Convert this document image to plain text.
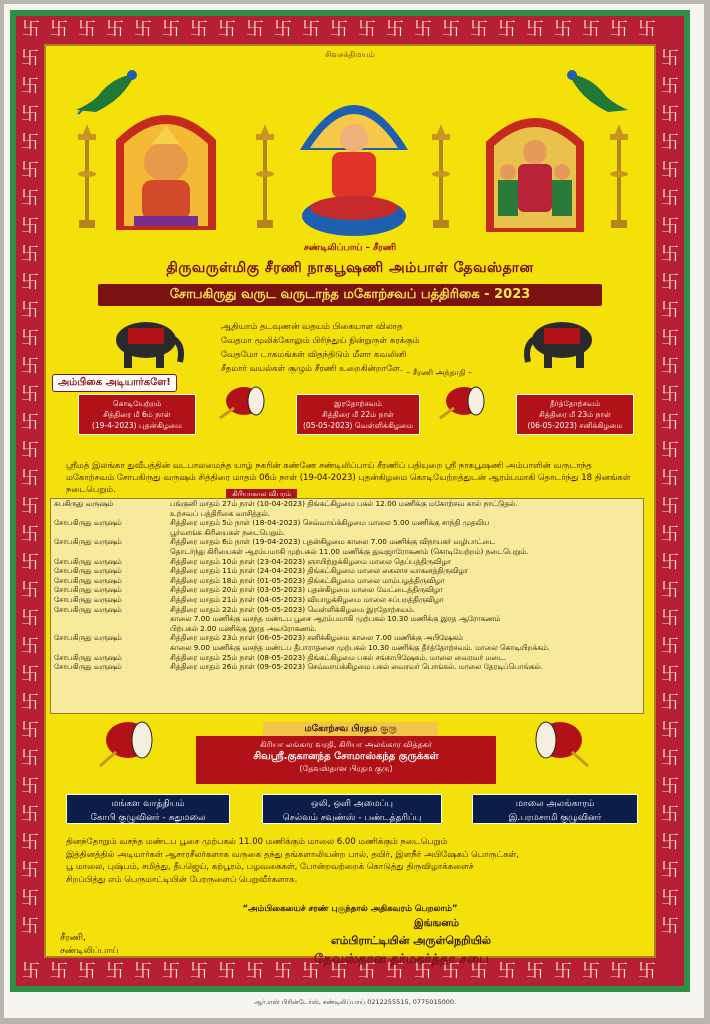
卐
卐
卐
卐
卐
卐
卐
卐
卐
卐
卐
卐
卐
卐
卐
卐
卐
卐
卐
卐
卐
卐
卐
卐
卐
卐
卐
卐
卐
卐
卐
卐
卐
卐
卐
卐
卐
卐
卐
卐
卐
卐
卐
卐
卐
卐
卐	卐
卐	卐
卐	卐
卐	卐
卐	卐
卐	卐
卐	卐
卐	卐
卐	卐
卐	卐
卐	卐
卐	卐
卐	卐
卐	卐
卐	卐
卐	卐
卐	卐
卐	卐
卐	卐
卐	卐
卐	卐
卐	卐
卐	卐
卐	卐
卐	卐
卐	卐
卐	卐
卐	卐
卐	卐
卐	卐
卐	卐
卐	卐
சிவசக்திமயம்
சண்டிலிப்பாய் – சீரணி
திருவருள்மிகு சீரணி நாகபூஷணி அம்பாள் தேவஸ்தான
சோபகிருது வருட வருடாந்த மகோற்சவப் பத்திரிகை - 2023
ஆதியாம் தடவுணன் வதயம் பிகையாள விலாத
வேதமா மூலிக்கோலும் பிரிந்துய் நின்றுருள் சுரக்கும்
வேதமோ டாகமங்கள் விதந்திடும் மீளா கவலினி
சீதமார் வயல்கள் சூழும் சீரணி உறைகின்றாளே. – சீரணி அந்தாதி –
அம்பிகை அடியார்களே!
கொடியேற்றம்
சித்திரை மீ 6ம் நாள்
(19-4-2023) புதன்கிழமை
இரதோற்சவம்
சித்திரை மீ 22ம் நாள்
(05-05-2023) வெள்ளிக்கிழமை
தீர்த்தோற்சவம்
சித்திரை மீ 23ம் நாள்
(06-05-2023) சனிக்கிழமை
ஸ்ரீமத் இலங்கா துவீபத்தின் வடபாலமைந்த யாழ் நகரின் கண்ணே சண்டிலிப்பாய் சீரணிப் பதியுறை ஸ்ரீ நாகபூஷணி அம்பாளின் வருடாந்த மகோற்சவம் சோபகிருது வருஷம் சித்திரை மாதம் 06ம் நாள் (19-04-2023) புதன்கிழமை கொடியேற்றத்துடன் ஆரம்பமாகி தொடர்ந்து 18 தினங்கள் நடைபெறும்.	கிரியாகால விபரம்
சுபகிருது வருஷம்	பங்குனி மாதம் 27ம் நாள் (10-04-2023) திங்கட்கிழமை பகல் 12.00 மணிக்கு மகோற்சவ கால் நாட்டுதல்.
	உற்சவப் பத்திரிகை வாசித்தல்.
சோபகிருது வருஷம்	சித்திரை மாதம் 5ம் நாள் (18-04-2023) செவ்வாய்க்கிழமை மாலை 5.00 மணிக்கு சாந்தி முதலிய
	பூர்வாங்க கிரியைகள் நடைபெறும்.
சோபகிருது வருஷம்	சித்திரை மாதம் 6ம் நாள் (19-04-2023) புதன்கிழமை காலை 7.00 மணிக்கு விநாயகர் வழிபாட்டை
	தொடர்ந்து கிரியைகள் ஆரம்பமாகி முற்பகல் 11.00 மணிக்கு துவஜாரோகணம் (கொடியேற்றம்) நடைபெறும்.
சோபகிருது வருஷம்	சித்திரை மாதம் 10ம் நாள் (23-04-2023) ஞாயிற்றுக்கிழமை மாலை தெப்பத்திருவிழா
சோபகிருது வருஷம்	சித்திரை மாதம் 11ம் நாள் (24-04-2023) திங்கட்கிழமை மாலை கைலாச வாகனத்திருவிழா
சோபகிருது வருஷம்	சித்திரை மாதம் 18ம் நாள் (01-05-2023) திங்கட்கிழமை மாலை மாம்பழத்திருவிழா
சோபகிருது வருஷம்	சித்திரை மாதம் 20ம் நாள் (03-05-2023) புதன்கிழமை மாலை வேட்டைத்திருவிழா
சோபகிருது வருஷம்	சித்திரை மாதம் 21ம் நாள் (04-05-2023) வியாழக்கிழமை மாலை சப்பறத்திருவிழா
சோபகிருது வருஷம்	சித்திரை மாதம் 22ம் நாள் (05-05-2023) வெள்ளிக்கிழமை இரதோற்சவம்.
	காலை 7.00 மணிக்கு வசந்த மண்டப பூசை ஆரம்பமாகி முற்பகல் 10.30 மணிக்கு இரத ஆரோகணம்
	பிற்பகல் 2.00 மணிக்கு இரத அவரோகணம்.
சோபகிருது வருஷம்	சித்திரை மாதம் 23ம் நாள் (06-05-2023) சனிக்கிழமை காலை 7.00 மணிக்கு அபிஷேகம்
	காலை 9.00 மணிக்கு வசந்த மண்டப தீபாராதனை முற்பகல் 10.30 மணிக்கு தீர்த்தோற்சவம். மாலை கொடியிறக்கம்.
சோபகிருது வருஷம்	சித்திரை மாதம் 25ம் நாள் (08-05-2023) திங்கட்கிழமை பகல் சங்காபிஷேகம். மாலை வைரவர் மடை.
சோபகிருது வருஷம்	சித்திரை மாதம் 26ம் நாள் (09-05-2023) செவ்வாய்க்கிழமை பகல் வைரவர் பொங்கல். மாலை தேரடிப்பொங்கல்.
மகோற்சவ பிரதம குரு
கிரியா லங்கார வரதி, கிரியா அலங்கார வித்தகர்
சிவஸ்ரீ.குகானந்த சோமாஸ்கந்த குருக்கள்
(தேவஸ்தான பிரதம குரு)
மங்கள வாத்தியம்
கோபி குழுவினர் - சுதுமலை
ஒலி, ஒளி அமைப்பு
செல்வம் சவுண்ஸ் - பண்டத்தரிப்பு
மாலை அலங்காரம்
இ.பரமசாமி குழுவினர்
தினந்தோறும் வசந்த மண்டப பூசை முற்பகல் 11.00 மணிக்கும் மாலை 6.00 மணிக்கும் நடைபெறும்
இத்தினத்தில் அடியார்கள் ஆசாரசீலர்களாக வருகை தந்து தங்களாலியன்ற பால், தயிர், இளநீர் அபிஷேகப் பொருட்கள்,
பூ மாலை, புஷ்பம், சமித்து, தீபஜெய், கற்பூரம், பழவகைகள், போன்றவற்றைக் கொடுத்து திருவிழாக்களைச்
சிறப்பித்து எம் பெருமாட்டியின் பேரருளைப் பெறுவீர்களாக.
“அம்பிகையைச் சரண் புகுந்தால் அதிகவரம் பெறலாம்”
சீரணி,
சண்டிலிப்பாய்
இங்ஙனம்
எம்பிராட்டியின் அருள்நெறியில்
தேவஸ்தான தர்மகர்த்தா சபை
ஆர்.எஸ் பிரின்டேர்ஸ், சண்டிலிப்பாய் 0212255515, 0775015000.
